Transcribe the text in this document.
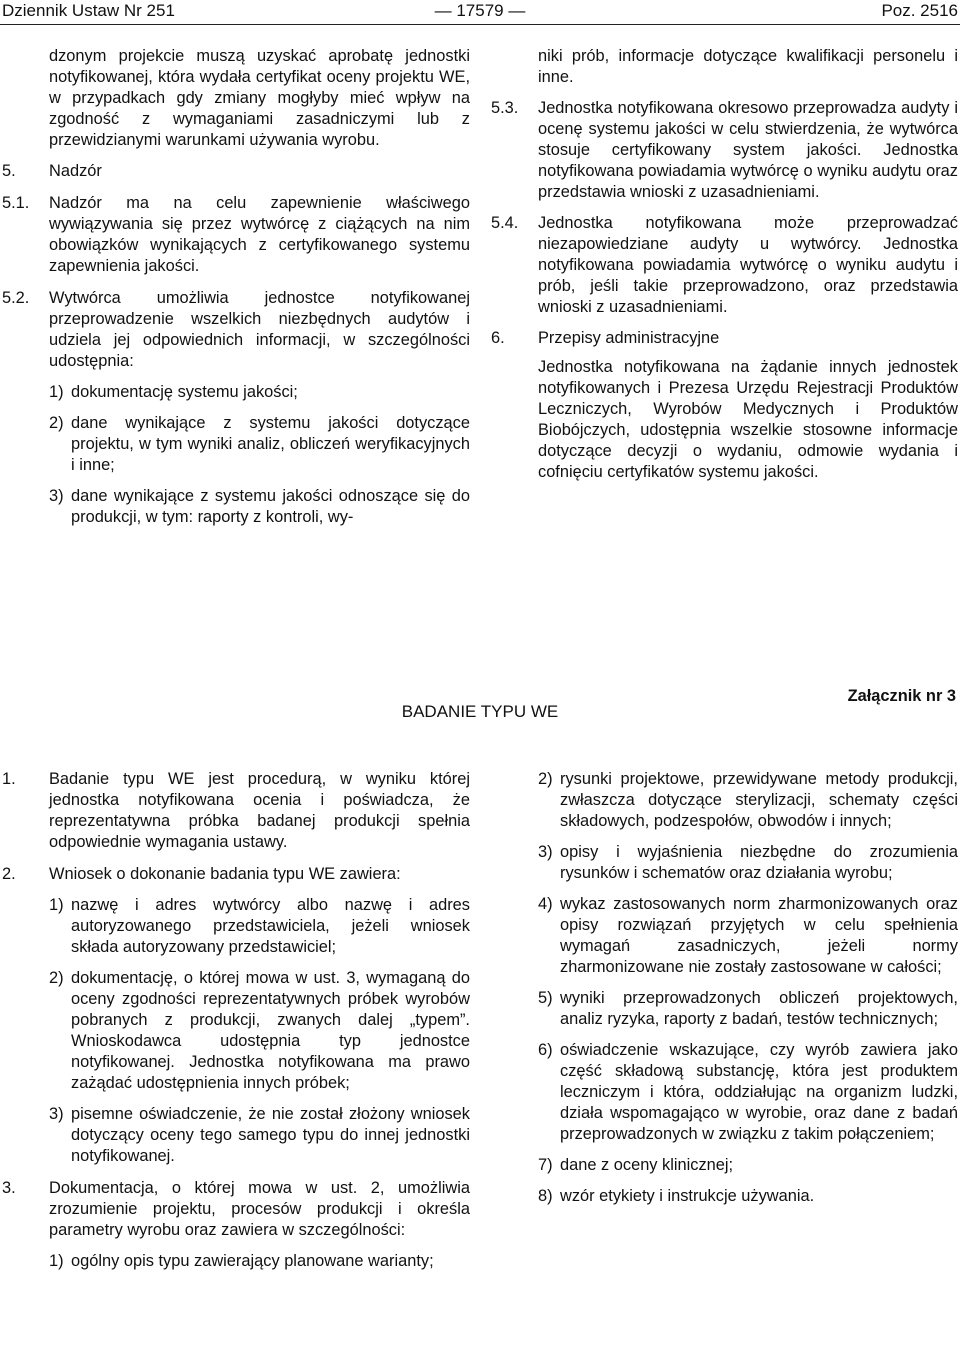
Dziennik Ustaw Nr 251	— 17579 —	Poz. 2516

dzonym projekcie muszą uzyskać aprobatę jednostki notyfikowanej, która wydała certyfikat oceny projektu WE, w przypadkach gdy zmiany mogłyby mieć wpływ na zgodność z wymaganiami zasadniczymi lub z przewidzianymi warunkami używania wyrobu.

5. Nadzór
5.1. Nadzór ma na celu zapewnienie właściwego wywiązywania się przez wytwórcę z ciążących na nim obowiązków wynikających z certyfikowanego systemu zapewnienia jakości.

5.2. Wytwórca umożliwia jednostce notyfikowanej przeprowadzenie wszelkich niezbędnych audytów i udziela jej odpowiednich informacji, w szczególności udostępnia:

1) dokumentację systemu jakości;

2) dane wynikające z systemu jakości dotyczące projektu, w tym wyniki analiz, obliczeń weryfikacyjnych i inne;

3) dane wynikające z systemu jakości odnoszące się do produkcji, w tym: raporty z kontroli, wy-

niki prób, informacje dotyczące kwalifikacji personelu i inne.

5.3. Jednostka notyfikowana okresowo przeprowadza audyty i ocenę systemu jakości w celu stwierdzenia, że wytwórca stosuje certyfikowany system jakości. Jednostka notyfikowana powiadamia wytwórcę o wyniku audytu oraz przedstawia wnioski z uzasadnieniami.

5.4. Jednostka notyfikowana może przeprowadzać niezapowiedziane audyty u wytwórcy. Jednostka notyfikowana powiadamia wytwórcę o wyniku audytu i prób, jeśli takie przeprowadzono, oraz przedstawia wnioski z uzasadnieniami.

6. Przepisy administracyjne

Jednostka notyfikowana na żądanie innych jednostek notyfikowanych i Prezesa Urzędu Rejestracji Produktów Leczniczych, Wyrobów Medycznych i Produktów Biobójczych, udostępnia wszelkie stosowne informacje dotyczące decyzji o wydaniu, odmowie wydania i cofnięciu certyfikatów systemu jakości.

Załącznik nr 3
BADANIE TYPU WE
1. Badanie typu WE jest procedurą, w wyniku której jednostka notyfikowana ocenia i poświadcza, że reprezentatywna próbka badanej produkcji spełnia odpowiednie wymagania ustawy.

2. Wniosek o dokonanie badania typu WE zawiera:

1) nazwę i adres wytwórcy albo nazwę i adres autoryzowanego przedstawiciela, jeżeli wniosek składa autoryzowany przedstawiciel;

2) dokumentację, o której mowa w ust. 3, wymaganą do oceny zgodności reprezentatywnych próbek wyrobów pobranych z produkcji, zwanych dalej „typem”. Wnioskodawca udostępnia typ jednostce notyfikowanej. Jednostka notyfikowana ma prawo zażądać udostępnienia innych próbek;

3) pisemne oświadczenie, że nie został złożony wniosek dotyczący oceny tego samego typu do innej jednostki notyfikowanej.

3. Dokumentacja, o której mowa w ust. 2, umożliwia zrozumienie projektu, procesów produkcji i określa parametry wyrobu oraz zawiera w szczególności:

1) ogólny opis typu zawierający planowane warianty;

2) rysunki projektowe, przewidywane metody produkcji, zwłaszcza dotyczące sterylizacji, schematy części składowych, podzespołów, obwodów i innych;

3) opisy i wyjaśnienia niezbędne do zrozumienia rysunków i schematów oraz działania wyrobu;

4) wykaz zastosowanych norm zharmonizowanych oraz opisy rozwiązań przyjętych w celu spełnienia wymagań zasadniczych, jeżeli normy zharmonizowane nie zostały zastosowane w całości;

5) wyniki przeprowadzonych obliczeń projektowych, analiz ryzyka, raporty z badań, testów technicznych;

6) oświadczenie wskazujące, czy wyrób zawiera jako część składową substancję, która jest produktem leczniczym i która, oddziałując na organizm ludzki, działa wspomagająco w wyrobie, oraz dane z badań przeprowadzonych w związku z takim połączeniem;

7) dane z oceny klinicznej;

8) wzór etykiety i instrukcje używania.
